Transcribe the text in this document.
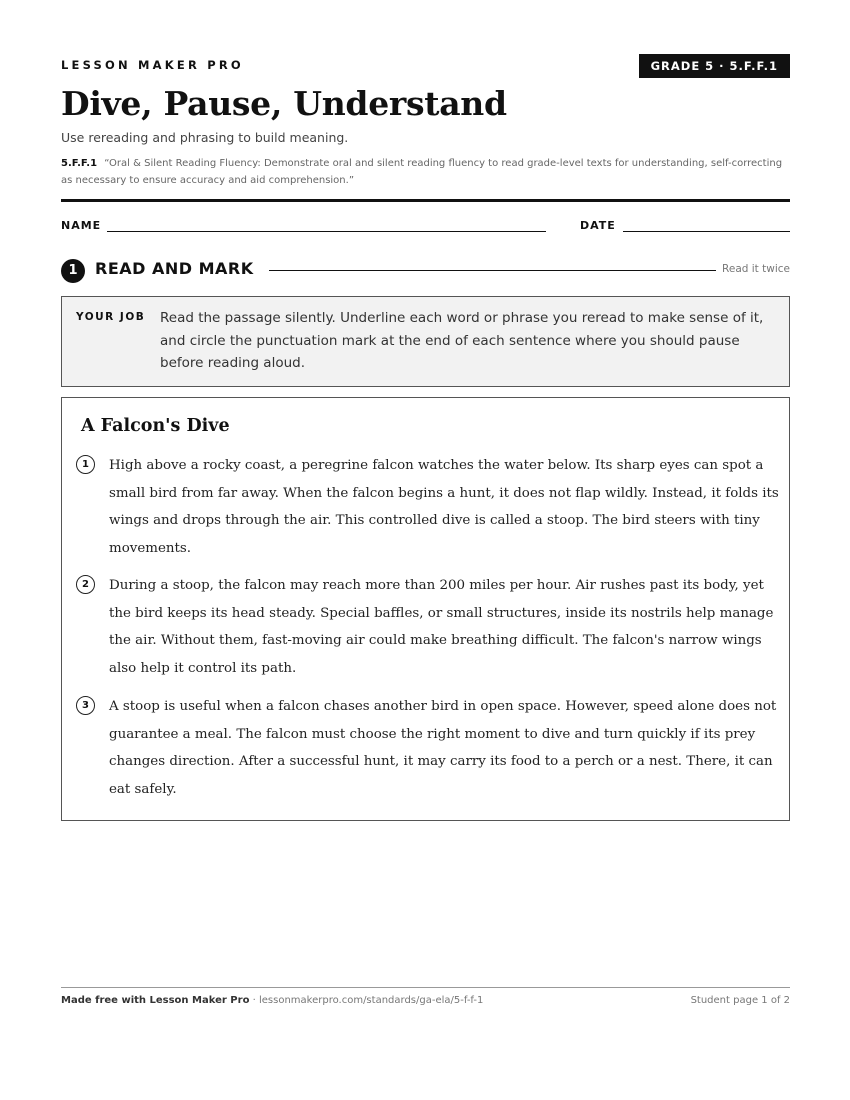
LESSON MAKER PRO	GRADE 5 · 5.F.F.1
Dive, Pause, Understand
Use rereading and phrasing to build meaning.
5.F.F.1 “Oral & Silent Reading Fluency: Demonstrate oral and silent reading fluency to read grade-level texts for understanding, self-correcting as necessary to ensure accuracy and aid comprehension.”
NAME	DATE
1	READ AND MARK	Read it twice
YOUR JOB Read the passage silently. Underline each word or phrase you reread to make sense of it, and circle the punctuation mark at the end of each sentence where you should pause before reading aloud.
A Falcon's Dive
1	High above a rocky coast, a peregrine falcon watches the water below. Its sharp eyes can spot a small bird from far away. When the falcon begins a hunt, it does not flap wildly. Instead, it folds its wings and drops through the air. This controlled dive is called a stoop. The bird steers with tiny movements.
2	During a stoop, the falcon may reach more than 200 miles per hour. Air rushes past its body, yet the bird keeps its head steady. Special baffles, or small structures, inside its nostrils help manage the air. Without them, fast-moving air could make breathing difficult. The falcon's narrow wings also help it control its path.
3	A stoop is useful when a falcon chases another bird in open space. However, speed alone does not guarantee a meal. The falcon must choose the right moment to dive and turn quickly if its prey changes direction. After a successful hunt, it may carry its food to a perch or a nest. There, it can eat safely.
Made free with Lesson Maker Pro · lessonmakerpro.com/standards/ga-ela/5-f-f-1	Student page 1 of 2
